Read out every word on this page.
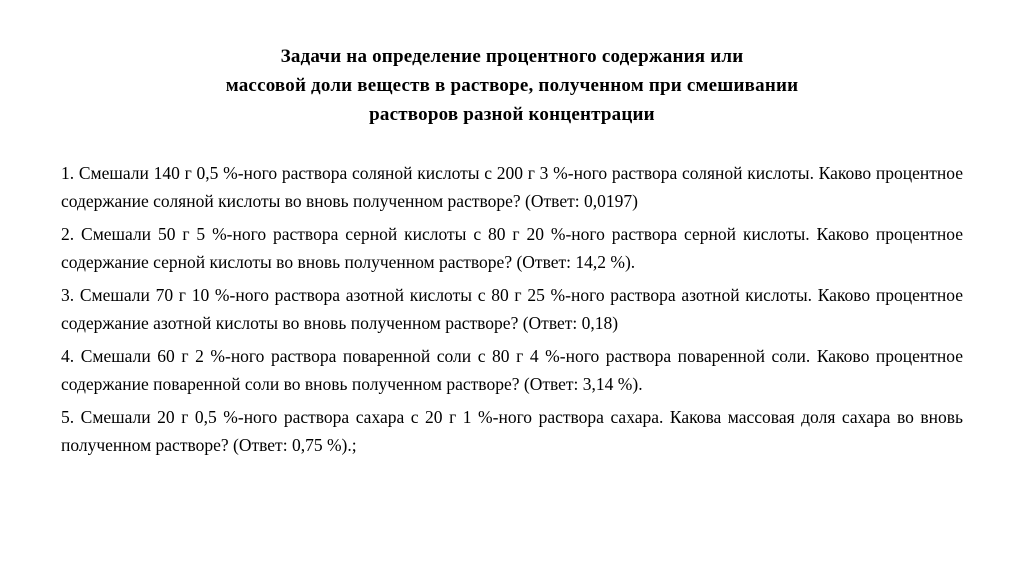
Задачи на определение процентного содержания или
массовой доли веществ в растворе, полученном при смешивании
растворов разной концентрации

1. Смешали 140 г 0,5 %-ного раствора соляной кислоты с 200 г 3 %-ного раствора соляной кислоты. Каково процентное содержание соляной кислоты во вновь полученном растворе? (Ответ: 0,0197)

2. Смешали 50 г 5 %-ного раствора серной кислоты с 80 г 20 %-ного раствора серной кислоты. Каково процентное содержание серной кислоты во вновь полученном растворе? (Ответ: 14,2 %).

3. Смешали 70 г 10 %-ного раствора азотной кислоты с 80 г 25 %-ного раствора азотной кислоты. Каково процентное содержание азотной кислоты во вновь полученном растворе? (Ответ: 0,18)

4. Смешали 60 г 2 %-ного раствора поваренной соли с 80 г 4 %-ного раствора поваренной соли. Каково процентное содержание поваренной соли во вновь полученном растворе? (Ответ: 3,14 %).

5. Смешали 20 г 0,5 %-ного раствора сахара с 20 г 1 %-ного раствора сахара. Какова массовая доля сахара во вновь полученном растворе? (Ответ: 0,75 %).;
